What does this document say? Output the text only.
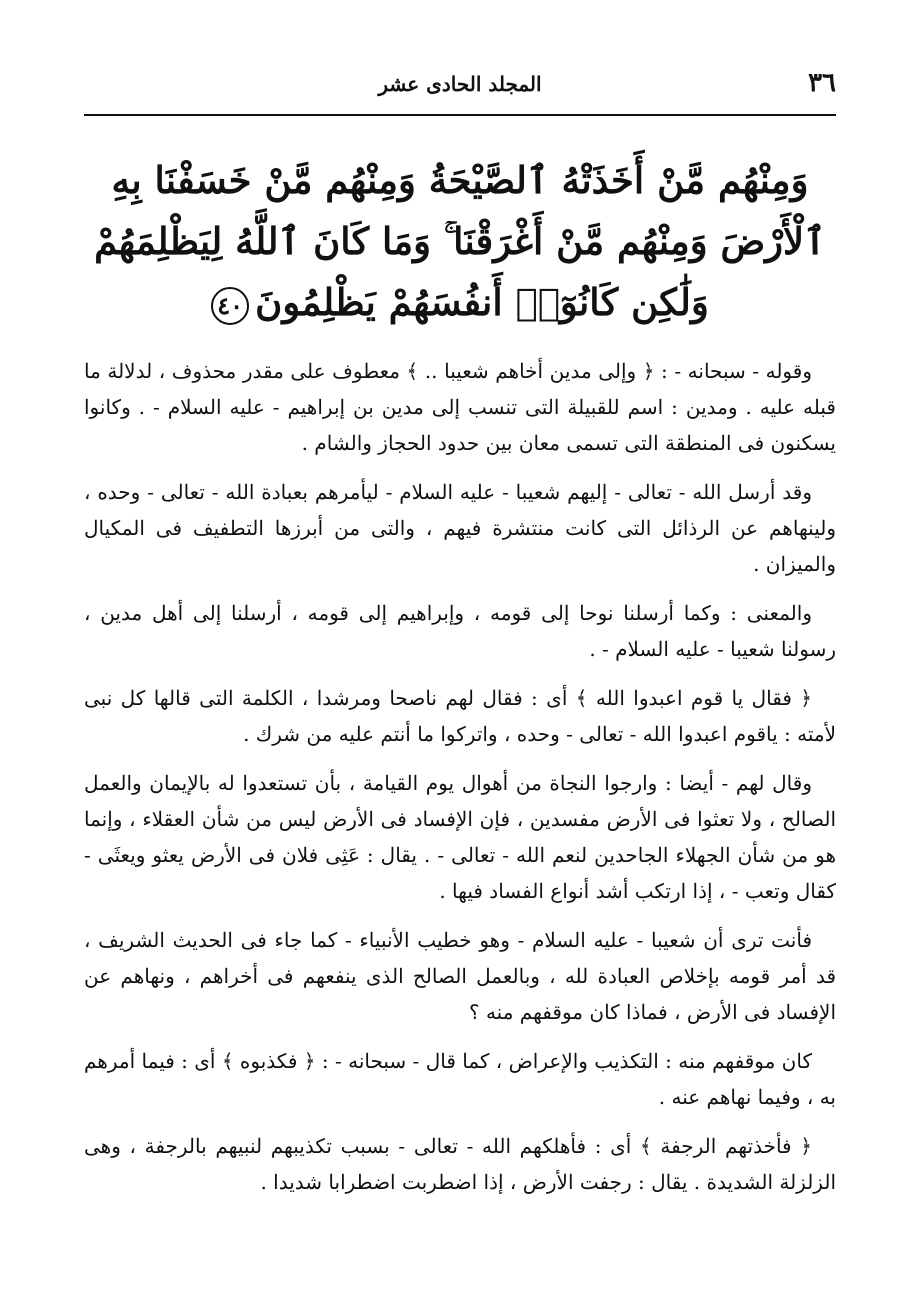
٣٦
المجلد الحادى عشر
وَمِنْهُم مَّنْ أَخَذَتْهُ ٱلصَّيْحَةُ وَمِنْهُم مَّنْ خَسَفْنَا بِهِ
ٱلْأَرْضَ وَمِنْهُم مَّنْ أَغْرَقْنَا ۚ وَمَا كَانَ ٱللَّهُ لِيَظْلِمَهُمْ
وَلَٰكِن كَانُوٓا۟ أَنفُسَهُمْ يَظْلِمُونَ٤٠

وقوله - سبحانه - : ﴿ وإلى مدين أخاهم شعيبا .. ﴾ معطوف على مقدر محذوف ، لدلالة ما قبله عليه . ومدين : اسم للقبيلة التى تنسب إلى مدين بن إبراهيم - عليه السلام - . وكانوا يسكنون فى المنطقة التى تسمى معان بين حدود الحجاز والشام .

وقد أرسل الله - تعالى - إليهم شعيبا - عليه السلام - ليأمرهم بعبادة الله - تعالى - وحده ، ولينهاهم عن الرذائل التى كانت منتشرة فيهم ، والتى من أبرزها التطفيف فى المكيال والميزان .

والمعنى : وكما أرسلنا نوحا إلى قومه ، وإبراهيم إلى قومه ، أرسلنا إلى أهل مدين ، رسولنا شعيبا - عليه السلام - .

﴿ فقال يا قوم اعبدوا الله ﴾ أى : فقال لهم ناصحا ومرشدا ، الكلمة التى قالها كل نبى لأمته : ياقوم اعبدوا الله - تعالى - وحده ، واتركوا ما أنتم عليه من شرك .

وقال لهم - أيضا : وارجوا النجاة من أهوال يوم القيامة ، بأن تستعدوا له بالإيمان والعمل الصالح ، ولا تعثوا فى الأرض مفسدين ، فإن الإفساد فى الأرض ليس من شأن العقلاء ، وإنما هو من شأن الجهلاء الجاحدين لنعم الله - تعالى - . يقال : عَثِى فلان فى الأرض يعثو ويعثَى - كقال وتعب - ، إذا ارتكب أشد أنواع الفساد فيها .

فأنت ترى أن شعيبا - عليه السلام - وهو خطيب الأنبياء - كما جاء فى الحديث الشريف ، قد أمر قومه بإخلاص العبادة لله ، وبالعمل الصالح الذى ينفعهم فى أخراهم ، ونهاهم عن الإفساد فى الأرض ، فماذا كان موقفهم منه ؟

كان موقفهم منه : التكذيب والإعراض ، كما قال - سبحانه - : ﴿ فكذبوه ﴾ أى : فيما أمرهم به ، وفيما نهاهم عنه .

﴿ فأخذتهم الرجفة ﴾ أى : فأهلكهم الله - تعالى - بسبب تكذيبهم لنبيهم بالرجفة ، وهى الزلزلة الشديدة . يقال : رجفت الأرض ، إذا اضطربت اضطرابا شديدا .
